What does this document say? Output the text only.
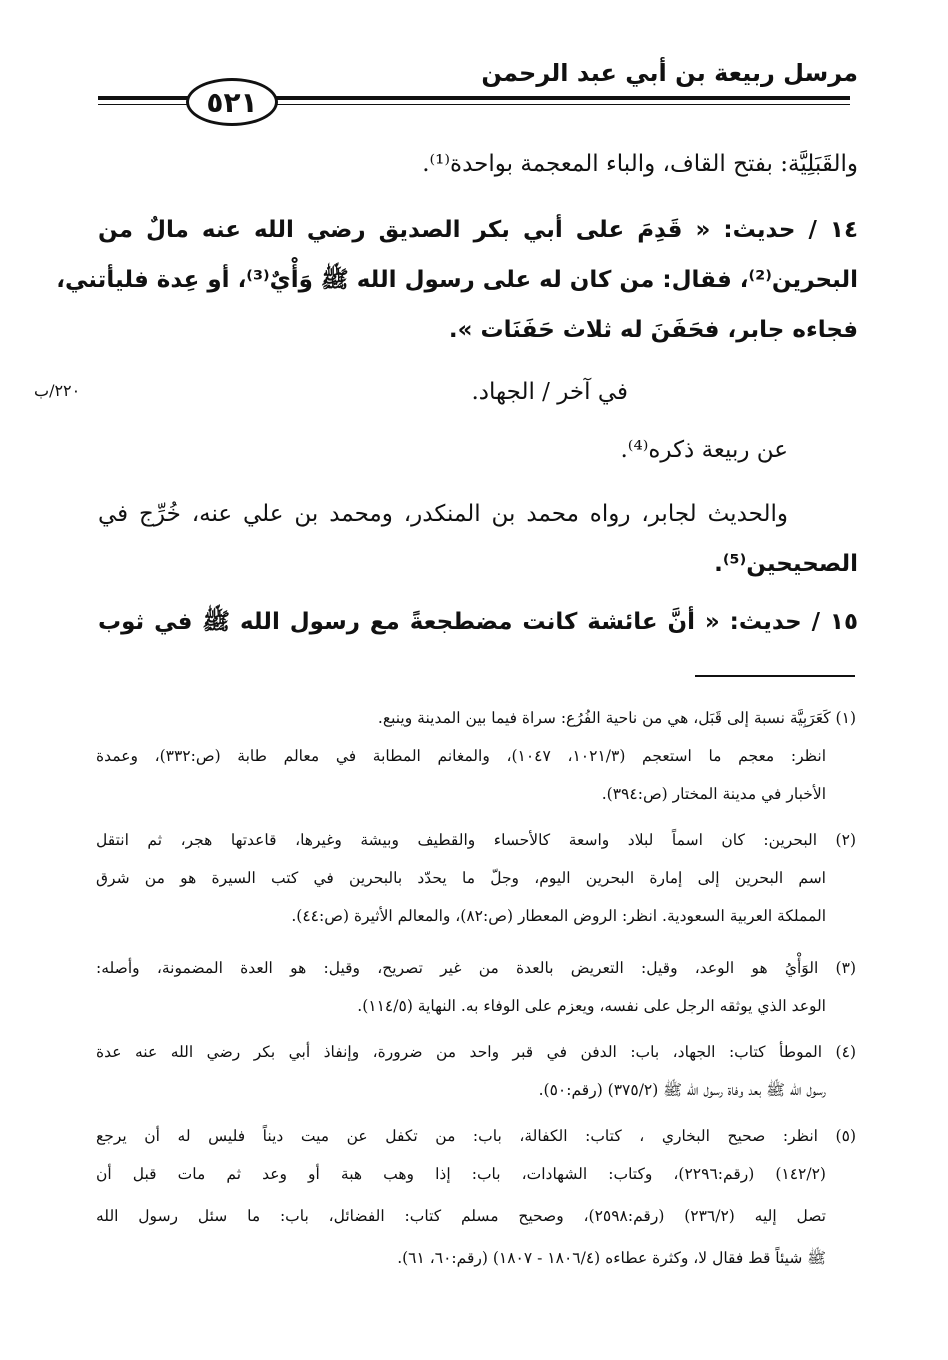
مرسل ربيعة بن أبي عبد الرحمن
٥٢١
والقَبَلِيَّة: بفتح القاف، والباء المعجمة بواحدة⁽¹⁾.
١٤ / حديث: « قَدِمَ على أبي بكر الصديق رضي الله عنه مالٌ من
البحرين⁽²⁾، فقال: من كان له على رسول الله ﷺ وَأْيٌ⁽³⁾، أو عِدة فليأتني،
فجاءه جابر، فحَفَنَ له ثلاث حَفَنَات ».
في آخر / الجهاد.
٢٢٠/ب
عن ربيعة ذكره⁽⁴⁾.
والحديث لجابر، رواه محمد بن المنكدر، ومحمد بن علي عنه، خُرِّج في
الصحيحين⁽⁵⁾.
١٥ / حديث: « أنَّ عائشة كانت مضطجعةً مع رسول الله ﷺ في ثوب
(١) كَعَرَبِيَّة نسبة إلى قَبَل، هي من ناحية الفُرُع: سراة فيما بين المدينة وينبع.
انظر: معجم ما استعجم (١٠٢١/٣، ١٠٤٧)، والمغانم المطابة في معالم طابة (ص:٣٣٢)، وعمدة
الأخبار في مدينة المختار (ص:٣٩٤).
(٢) البحرين: كان اسماً لبلاد واسعة كالأحساء والقطيف وبيشة وغيرها، قاعدتها هجر، ثم انتقل
اسم البحرين إلى إمارة البحرين اليوم، وجلّ ما يحدّد بالبحرين في كتب السيرة هو من شرق
المملكة العربية السعودية. انظر: الروض المعطار (ص:٨٢)، والمعالم الأثيرة (ص:٤٤).
(٣) الوَأْيُ هو الوعد، وقيل: التعريض بالعدة من غير تصريح، وقيل: هو العدة المضمونة، وأصله:
الوعد الذي يوثقه الرجل على نفسه، ويعزم على الوفاء به. النهاية (١١٤/٥).
(٤) الموطأ كتاب: الجهاد، باب: الدفن في قبر واحد من ضرورة، وإنفاذ أبي بكر رضي الله عنه عدة
رسول الله ﷺ بعد وفاة رسول الله ﷺ (٣٧٥/٢) (رقم:٥٠).
(٥) انظر: صحيح البخاري ، كتاب: الكفالة، باب: من تكفل عن ميت ديناً فليس له أن يرجع
(١٤٢/٢) (رقم:٢٢٩٦)، وكتاب: الشهادات، باب: إذا وهب هبة أو وعد ثم مات قبل أن
تصل إليه (٢٣٦/٢) (رقم:٢٥٩٨)، وصحيح مسلم كتاب: الفضائل، باب: ما سئل رسول الله
ﷺ شيئاً قط فقال لا، وكثرة عطاءه (١٨٠٦/٤ - ١٨٠٧) (رقم:٦٠، ٦١).
